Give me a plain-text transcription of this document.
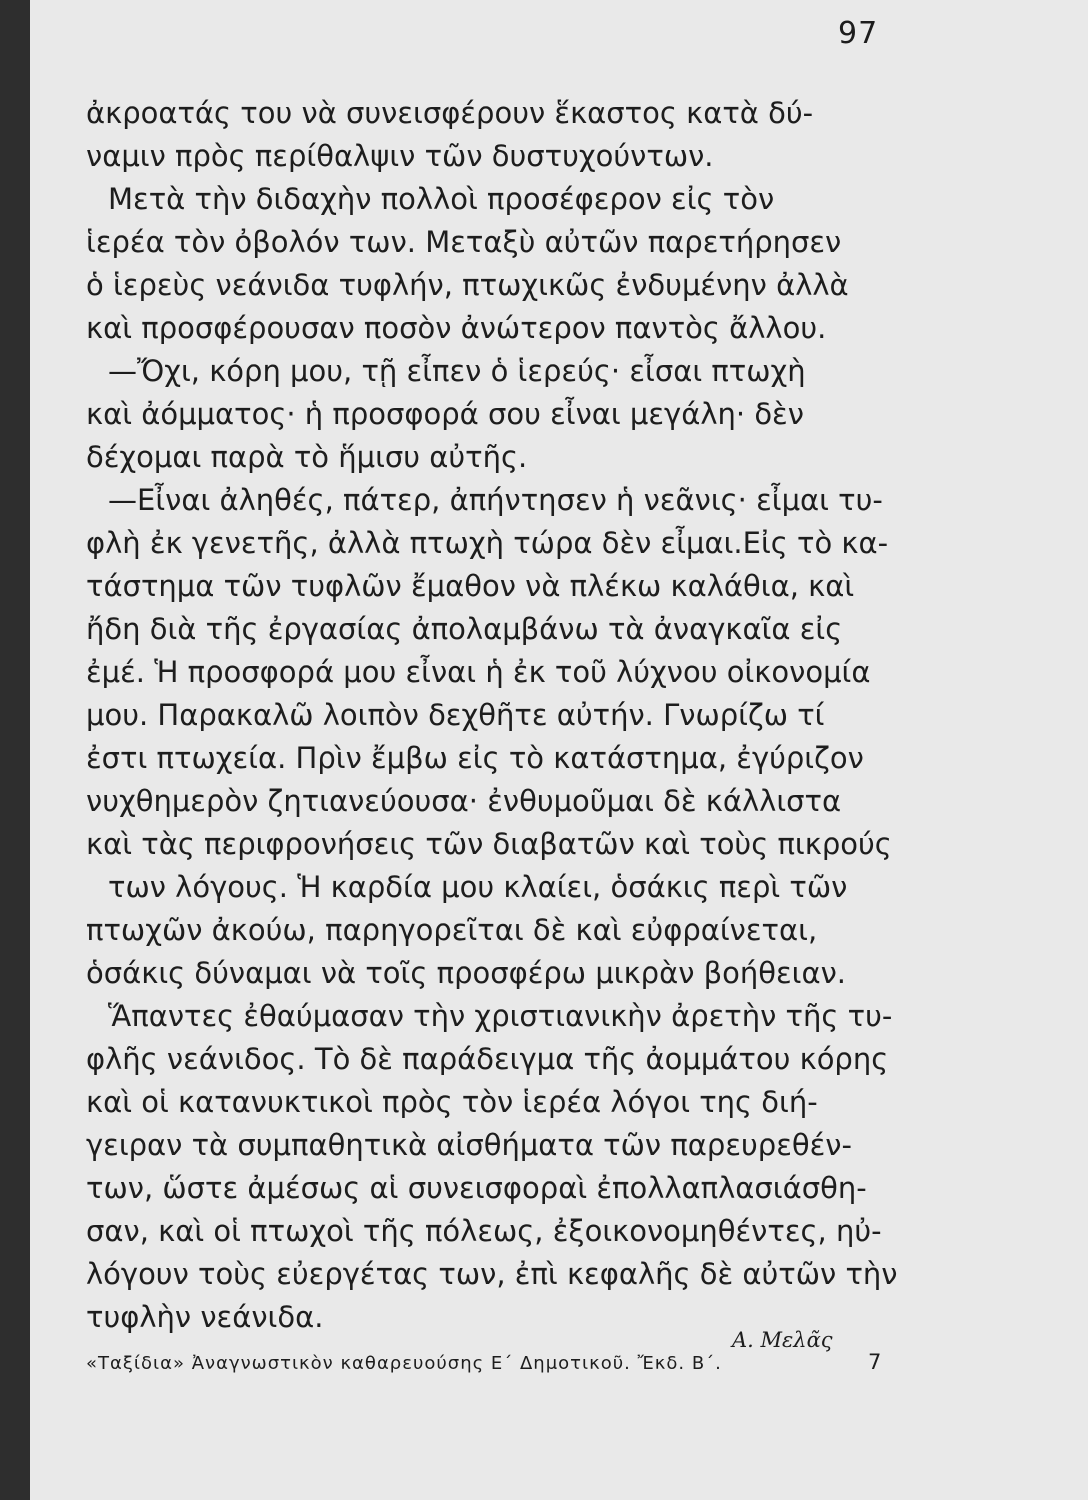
97
ἀκροατάς του νὰ συνεισφέρουν ἕκαστος κατὰ δύ-
ναμιν πρὸς περίθαλψιν τῶν δυστυχούντων.
Μετὰ τὴν διδαχὴν πολλοὶ προσέφερον εἰς τὸν
ἱερέα τὸν ὀβολόν των. Μεταξὺ αὐτῶν παρετήρησεν
ὁ ἱερεὺς νεάνιδα τυφλήν, πτωχικῶς ἐνδυμένην ἀλλὰ
καὶ προσφέρουσαν ποσὸν ἀνώτερον παντὸς ἄλλου.
—Ὄχι, κόρη μου, τῇ εἶπεν ὁ ἱερεύς· εἶσαι πτωχὴ
καὶ ἀόμματος· ἡ προσφορά σου εἶναι μεγάλη· δὲν
δέχομαι παρὰ τὸ ἥμισυ αὐτῆς.
—Εἶναι ἀληθές, πάτερ, ἀπήντησεν ἡ νεᾶνις· εἶμαι τυ-
φλὴ ἐκ γενετῆς, ἀλλὰ πτωχὴ τώρα δὲν εἶμαι.Εἰς τὸ κα-
τάστημα τῶν τυφλῶν ἔμαθον νὰ πλέκω καλάθια, καὶ
ἤδη διὰ τῆς ἐργασίας ἀπολαμβάνω τὰ ἀναγκαῖα εἰς
ἐμέ. Ἡ προσφορά μου εἶναι ἡ ἐκ τοῦ λύχνου οἰκονομία
μου. Παρακαλῶ λοιπὸν δεχθῆτε αὐτήν. Γνωρίζω τί
ἐστι πτωχεία. Πρὶν ἔμβω εἰς τὸ κατάστημα, ἐγύριζον
νυχθημερὸν ζητιανεύουσα· ἐνθυμοῦμαι δὲ κάλλιστα
καὶ τὰς περιφρονήσεις τῶν διαβατῶν καὶ τοὺς πικρούς
των λόγους. Ἡ καρδία μου κλαίει, ὁσάκις περὶ τῶν
πτωχῶν ἀκούω, παρηγορεῖται δὲ καὶ εὐφραίνεται,
ὁσάκις δύναμαι νὰ τοῖς προσφέρω μικρὰν βοήθειαν.
Ἅπαντες ἐθαύμασαν τὴν χριστιανικὴν ἀρετὴν τῆς τυ-
φλῆς νεάνιδος. Τὸ δὲ παράδειγμα τῆς ἀομμάτου κόρης
καὶ οἱ κατανυκτικοὶ πρὸς τὸν ἱερέα λόγοι της διή-
γειραν τὰ συμπαθητικὰ αἰσθήματα τῶν παρευρεθέν-
των, ὥστε ἀμέσως αἱ συνεισφοραὶ ἐπολλαπλασιάσθη-
σαν, καὶ οἱ πτωχοὶ τῆς πόλεως, ἐξοικονομηθέντες, ηὐ-
λόγουν τοὺς εὐεργέτας των, ἐπὶ κεφαλῆς δὲ αὐτῶν τὴν
τυφλὴν νεάνιδα.
Α. Μελᾶς
«Ταξίδια» Ἀναγνωστικὸν καθαρευούσης Ε΄ Δημοτικοῦ. Ἔκδ. Β΄.	7
